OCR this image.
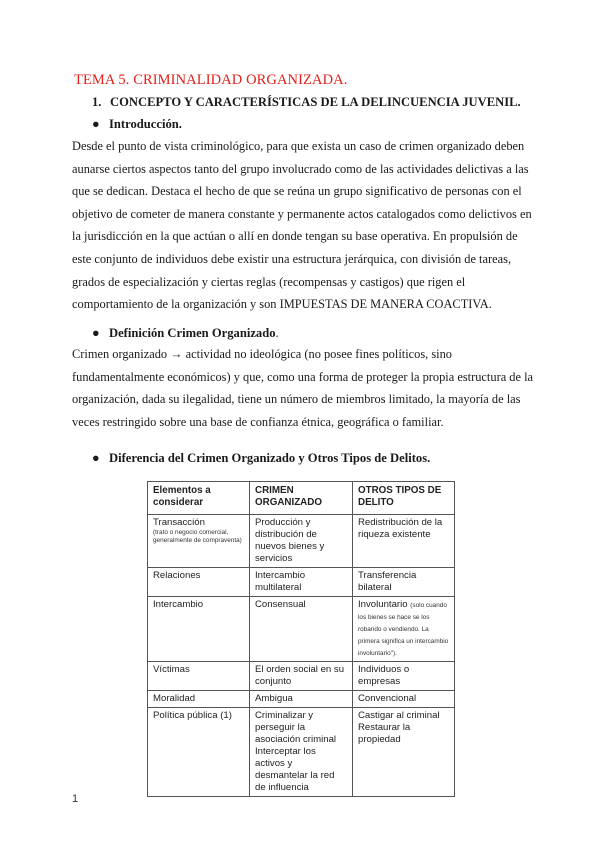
TEMA 5. CRIMINALIDAD ORGANIZADA.
1. CONCEPTO Y CARACTERÍSTICAS DE LA DELINCUENCIA JUVENIL.
● Introducción.
Desde el punto de vista criminológico, para que exista un caso de crimen organizado deben
aunarse ciertos aspectos tanto del grupo involucrado como de las actividades delictivas a las
que se dedican. Destaca el hecho de que se reúna un grupo significativo de personas con el
objetivo de cometer de manera constante y permanente actos catalogados como delictivos en
la jurisdicción en la que actúan o allí en donde tengan su base operativa. En propulsión de
este conjunto de individuos debe existir una estructura jerárquica, con división de tareas,
grados de especialización y ciertas reglas (recompensas y castigos) que rigen el
comportamiento de la organización y son IMPUESTAS DE MANERA COACTIVA.
● Definición Crimen Organizado.
Crimen organizado → actividad no ideológica (no posee fines políticos, sino
fundamentalmente económicos) y que, como una forma de proteger la propia estructura de la
organización, dada su ilegalidad, tiene un número de miembros limitado, la mayoría de las
veces restringido sobre una base de confianza étnica, geográfica o familiar.
● Diferencia del Crimen Organizado y Otros Tipos de Delitos.
Elementos a considerar	CRIMEN ORGANIZADO	OTROS TIPOS DE DELITO
Transacción
(trato o negocio comercial, generalmente de compraventa)	Producción y distribución de nuevos bienes y servicios	Redistribución de la riqueza existente
Relaciones	Intercambio multilateral	Transferencia bilateral
Intercambio	Consensual	Involuntario (solo cuando los bienes se hace se los robando o vendiendo. La primera significa un intercambio involuntario").
Víctimas	El orden social en su conjunto	Individuos o empresas
Moralidad	Ambigua	Convencional
Política pública (1)	Criminalizar y perseguir la asociación criminal Interceptar los activos y desmantelar la red de influencia	Castigar al criminal Restaurar la propiedad
1
